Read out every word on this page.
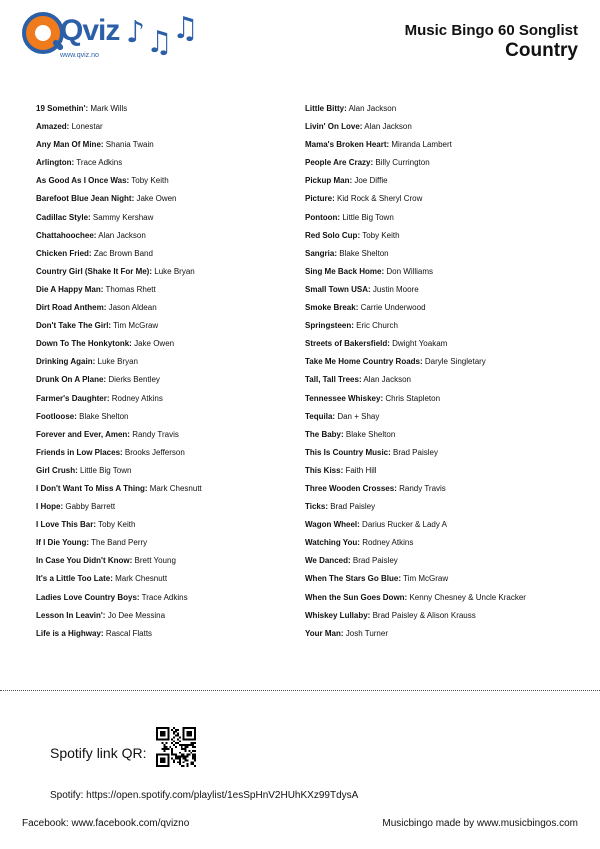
Qviz
www.qviz.no
♪ ♫ ♫	Music Bingo 60 Songlist
Country
19 Somethin': Mark Wills
Amazed: Lonestar
Any Man Of Mine: Shania Twain
Arlington: Trace Adkins
As Good As I Once Was: Toby Keith
Barefoot Blue Jean Night: Jake Owen
Cadillac Style: Sammy Kershaw
Chattahoochee: Alan Jackson
Chicken Fried: Zac Brown Band
Country Girl (Shake It For Me): Luke Bryan
Die A Happy Man: Thomas Rhett
Dirt Road Anthem: Jason Aldean
Don't Take The Girl: Tim McGraw
Down To The Honkytonk: Jake Owen
Drinking Again: Luke Bryan
Drunk On A Plane: Dierks Bentley
Farmer's Daughter: Rodney Atkins
Footloose: Blake Shelton
Forever and Ever, Amen: Randy Travis
Friends in Low Places: Brooks Jefferson
Girl Crush: Little Big Town
I Don't Want To Miss A Thing: Mark Chesnutt
I Hope: Gabby Barrett
I Love This Bar: Toby Keith
If I Die Young: The Band Perry
In Case You Didn't Know: Brett Young
It's a Little Too Late: Mark Chesnutt
Ladies Love Country Boys: Trace Adkins
Lesson In Leavin': Jo Dee Messina
Life is a Highway: Rascal Flatts
Little Bitty: Alan Jackson
Livin' On Love: Alan Jackson
Mama's Broken Heart: Miranda Lambert
People Are Crazy: Billy Currington
Pickup Man: Joe Diffie
Picture: Kid Rock & Sheryl Crow
Pontoon: Little Big Town
Red Solo Cup: Toby Keith
Sangria: Blake Shelton
Sing Me Back Home: Don Williams
Small Town USA: Justin Moore
Smoke Break: Carrie Underwood
Springsteen: Eric Church
Streets of Bakersfield: Dwight Yoakam
Take Me Home Country Roads: Daryle Singletary
Tall, Tall Trees: Alan Jackson
Tennessee Whiskey: Chris Stapleton
Tequila: Dan + Shay
The Baby: Blake Shelton
This Is Country Music: Brad Paisley
This Kiss: Faith Hill
Three Wooden Crosses: Randy Travis
Ticks: Brad Paisley
Wagon Wheel: Darius Rucker & Lady A
Watching You: Rodney Atkins
We Danced: Brad Paisley
When The Stars Go Blue: Tim McGraw
When the Sun Goes Down: Kenny Chesney & Uncle Kracker
Whiskey Lullaby: Brad Paisley & Alison Krauss
Your Man: Josh Turner
Spotify link QR:
Spotify: https://open.spotify.com/playlist/1esSpHnV2HUhKXz99TdysA
Facebook: www.facebook.com/qvizno	Musicbingo made by www.musicbingos.com
